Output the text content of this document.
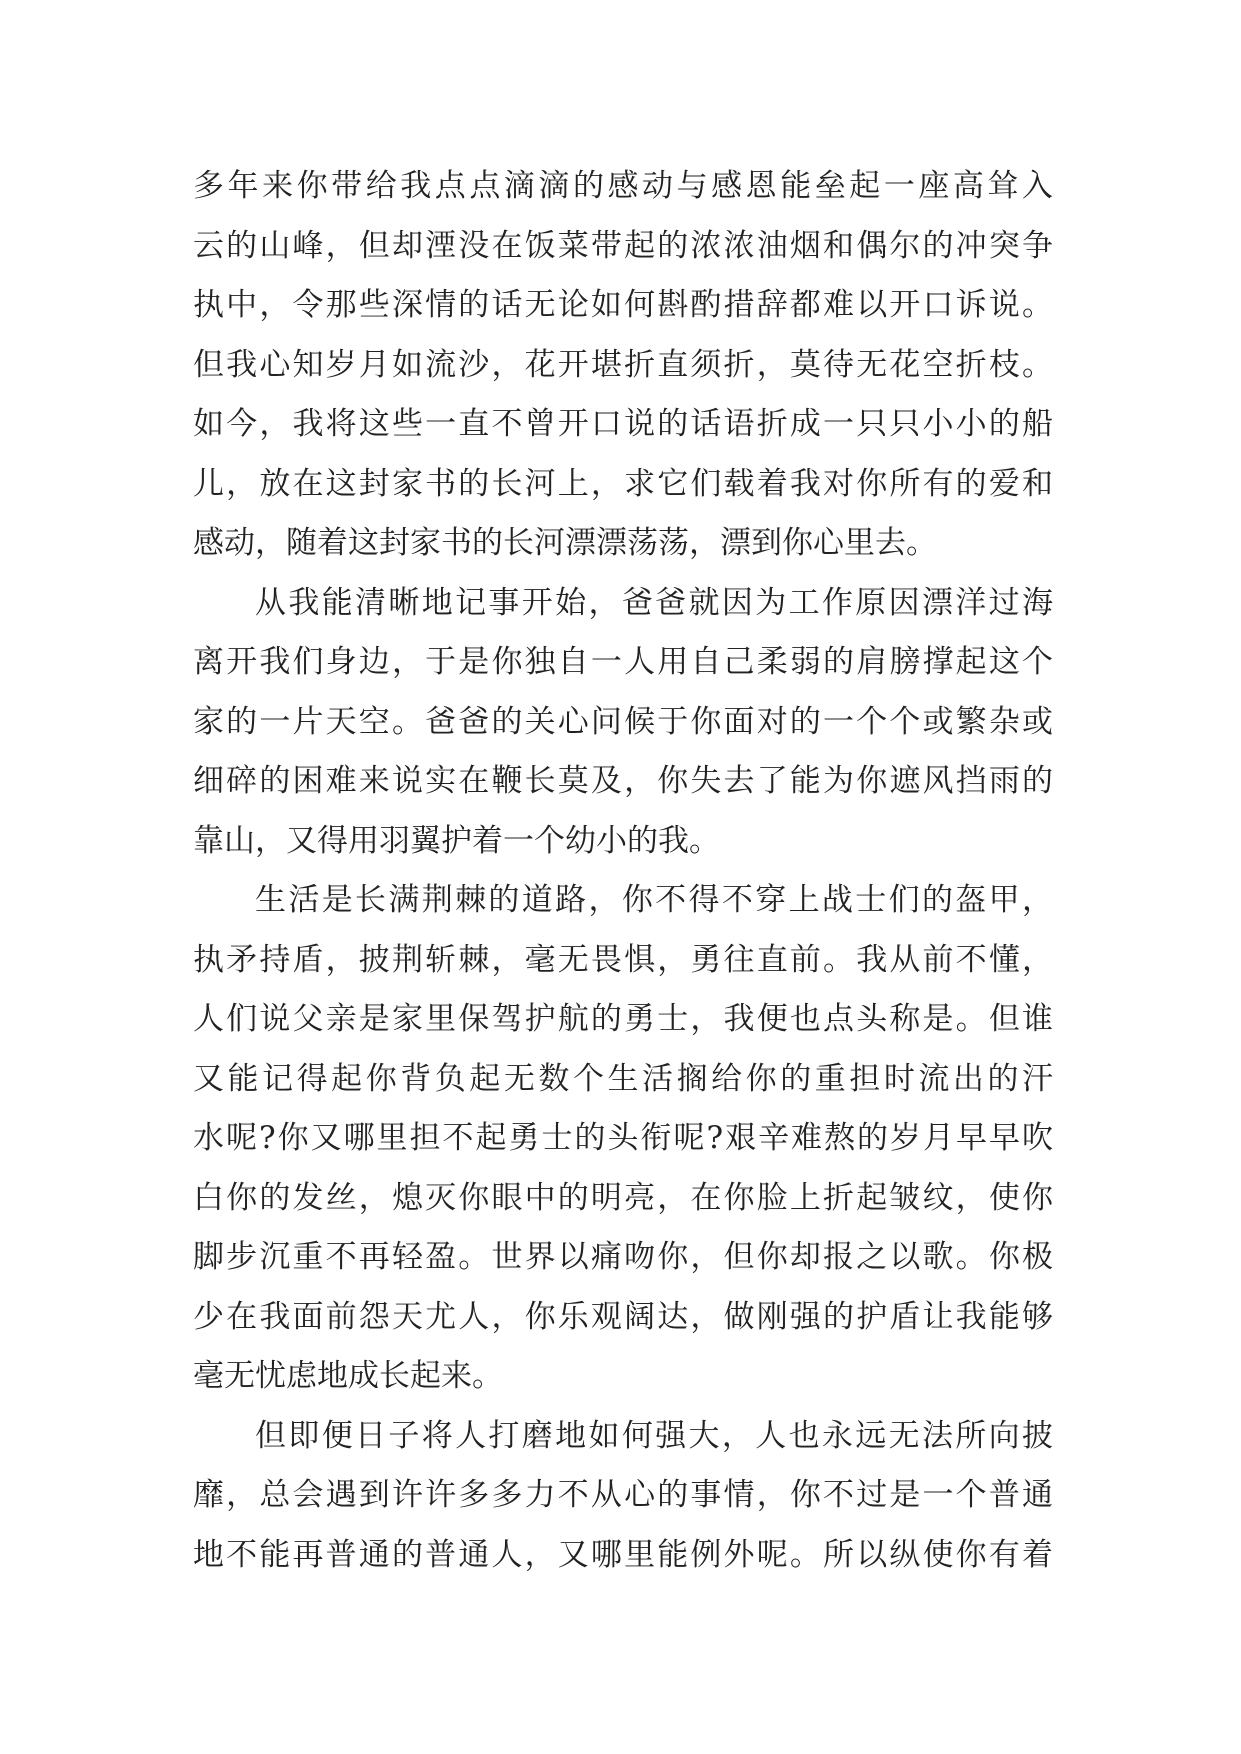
多年来你带给我点点滴滴的感动与感恩能垒起一座高耸入
云的山峰，但却湮没在饭菜带起的浓浓油烟和偶尔的冲突争
执中，令那些深情的话无论如何斟酌措辞都难以开口诉说。
但我心知岁月如流沙，花开堪折直须折，莫待无花空折枝。
如今，我将这些一直不曾开口说的话语折成一只只小小的船
儿，放在这封家书的长河上，求它们载着我对你所有的爱和
感动，随着这封家书的长河漂漂荡荡，漂到你心里去。
从我能清晰地记事开始，爸爸就因为工作原因漂洋过海
离开我们身边，于是你独自一人用自己柔弱的肩膀撑起这个
家的一片天空。爸爸的关心问候于你面对的一个个或繁杂或
细碎的困难来说实在鞭长莫及，你失去了能为你遮风挡雨的
靠山，又得用羽翼护着一个幼小的我。
生活是长满荆棘的道路，你不得不穿上战士们的盔甲，
执矛持盾，披荆斩棘，毫无畏惧，勇往直前。我从前不懂，
人们说父亲是家里保驾护航的勇士，我便也点头称是。但谁
又能记得起你背负起无数个生活搁给你的重担时流出的汗
水呢?你又哪里担不起勇士的头衔呢?艰辛难熬的岁月早早吹
白你的发丝，熄灭你眼中的明亮，在你脸上折起皱纹，使你
脚步沉重不再轻盈。世界以痛吻你，但你却报之以歌。你极
少在我面前怨天尤人，你乐观阔达，做刚强的护盾让我能够
毫无忧虑地成长起来。
但即便日子将人打磨地如何强大，人也永远无法所向披
靡，总会遇到许许多多力不从心的事情，你不过是一个普通
地不能再普通的普通人，又哪里能例外呢。所以纵使你有着
